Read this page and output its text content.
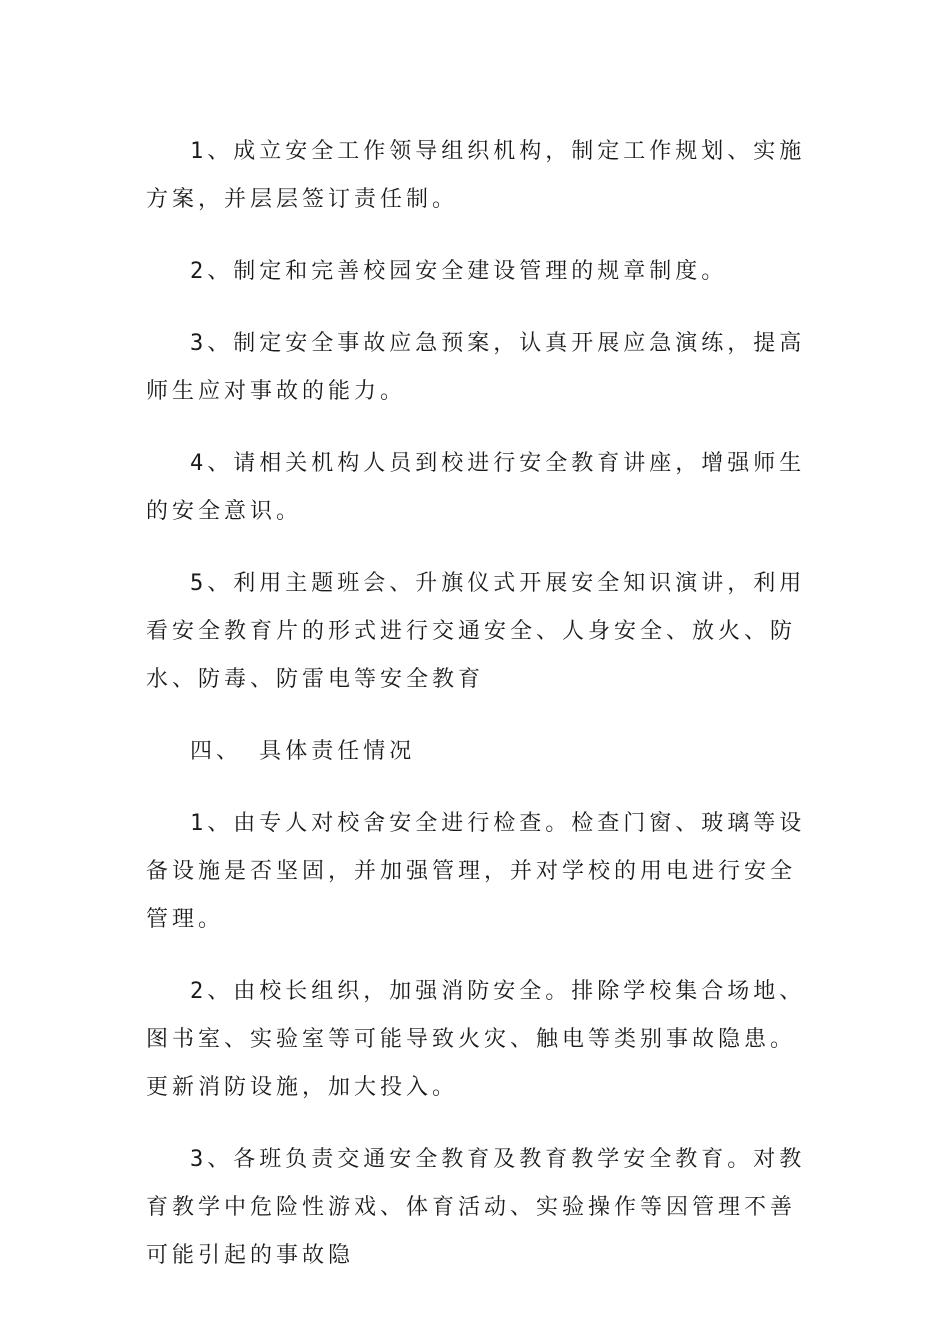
1、成立安全工作领导组织机构，制定工作规划、实施方案，并层层签订责任制。

2、制定和完善校园安全建设管理的规章制度。

3、制定安全事故应急预案，认真开展应急演练，提高师生应对事故的能力。

4、请相关机构人员到校进行安全教育讲座，增强师生的安全意识。

5、利用主题班会、升旗仪式开展安全知识演讲，利用看安全教育片的形式进行交通安全、人身安全、放火、防水、防毒、防雷电等安全教育

四、 具体责任情况

1、由专人对校舍安全进行检查。检查门窗、玻璃等设备设施是否坚固，并加强管理，并对学校的用电进行安全管理。

2、由校长组织，加强消防安全。排除学校集合场地、图书室、实验室等可能导致火灾、触电等类别事故隐患。更新消防设施，加大投入。

3、各班负责交通安全教育及教育教学安全教育。对教育教学中危险性游戏、体育活动、实验操作等因管理不善可能引起的事故隐
